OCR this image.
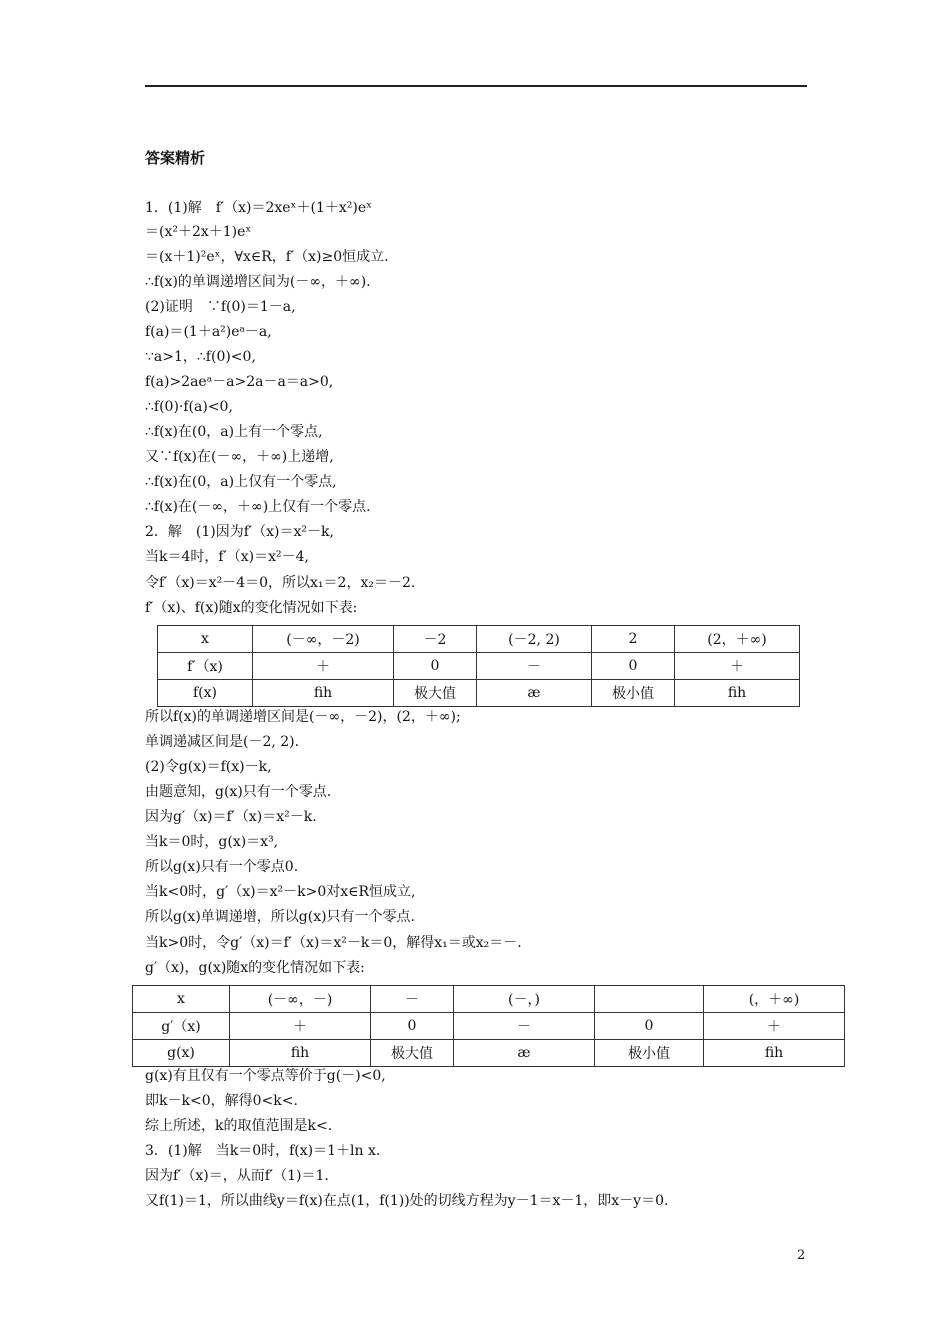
答案精析
1．(1)解　f′（x)＝2xeˣ＋(1＋x²)eˣ
＝(x²＋2x＋1)eˣ
＝(x＋1)²eˣ，∀x∈R，f′（x)≥0恒成立.
∴f(x)的单调递增区间为(－∞，＋∞).
(2)证明　∵f(0)＝1－a,
f(a)＝(1＋a²)eᵃ－a,
∵a>1，∴f(0)<0,
f(a)>2aeᵃ－a>2a－a＝a>0,
∴f(0)·f(a)<0,
∴f(x)在(0，a)上有一个零点,
又∵f(x)在(－∞，＋∞)上递增,
∴f(x)在(0，a)上仅有一个零点,
∴f(x)在(－∞，＋∞)上仅有一个零点.
2．解　(1)因为f′（x)＝x²－k,
当k＝4时，f′（x)＝x²－4,
令f′（x)＝x²－4＝0，所以x₁＝2，x₂＝－2.
f′（x)、f(x)随x的变化情况如下表:
x	(－∞，－2)	－2	(－2, 2)	2	(2，＋∞)
f′（x)	＋	0	－	0	＋
f(x)	ﬁh	极大值	æ	极小值	ﬁh
所以f(x)的单调递增区间是(－∞，－2)，(2，＋∞);
单调递减区间是(－2, 2).
(2)令g(x)＝f(x)－k,
由题意知，g(x)只有一个零点.
因为g′（x)＝f′（x)＝x²－k.
当k＝0时，g(x)＝x³,
所以g(x)只有一个零点0.
当k<0时，g′（x)＝x²－k>0对x∈R恒成立,
所以g(x)单调递增，所以g(x)只有一个零点.
当k>0时，令g′（x)＝f′（x)＝x²－k＝0，解得x₁＝或x₂＝－.
g′（x)，g(x)随x的变化情况如下表:
x	(－∞，－)	－	(－，)		(，＋∞)
g′（x)	＋	0	－	0	＋
g(x)	ﬁh	极大值	æ	极小值	ﬁh
g(x)有且仅有一个零点等价于g(－)<0,
即k－k<0，解得0<k<.
综上所述，k的取值范围是k<.
3．(1)解　当k＝0时，f(x)＝1＋ln x.
因为f′（x)＝，从而f′（1)＝1.
又f(1)＝1，所以曲线y＝f(x)在点(1，f(1))处的切线方程为y－1＝x－1，即x－y＝0.
2
